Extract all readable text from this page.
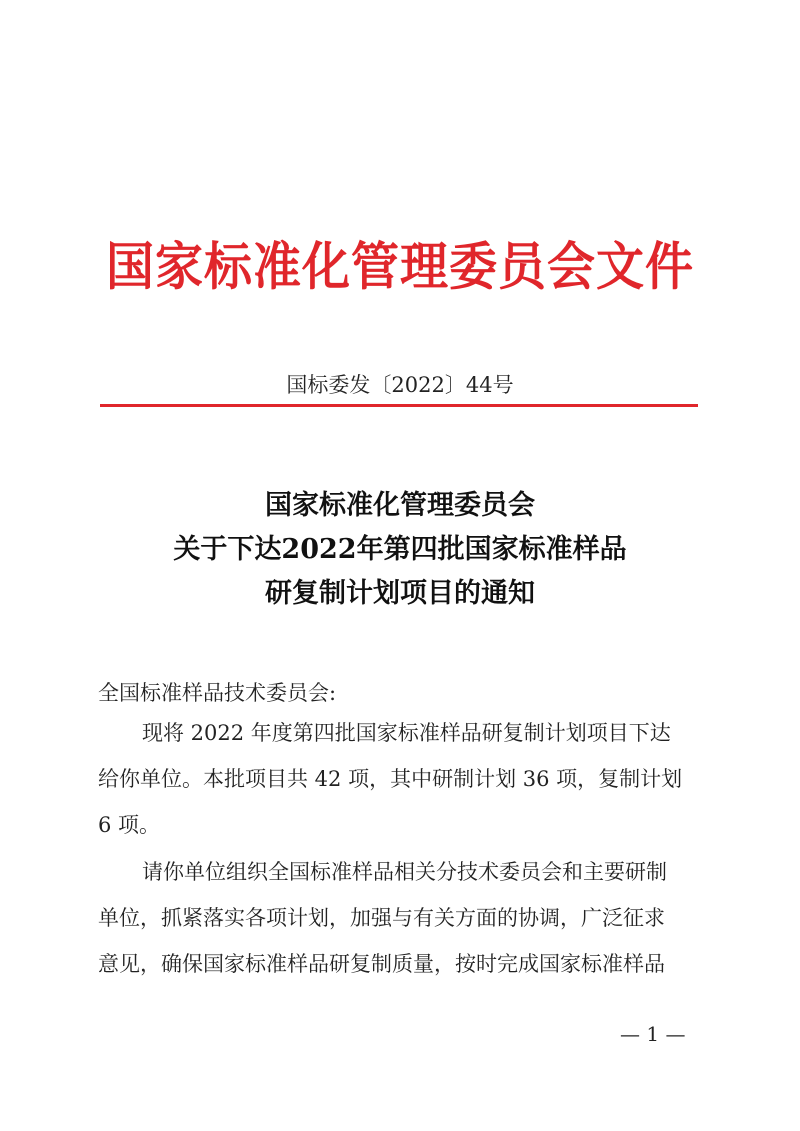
国家标准化管理委员会文件
国标委发〔2022〕44号
国家标准化管理委员会
关于下达2022年第四批国家标准样品
研复制计划项目的通知
全国标准样品技术委员会:
现将 2022 年度第四批国家标准样品研复制计划项目下达
给你单位。本批项目共 42 项，其中研制计划 36 项，复制计划
6 项。
请你单位组织全国标准样品相关分技术委员会和主要研制
单位，抓紧落实各项计划，加强与有关方面的协调，广泛征求
意见，确保国家标准样品研复制质量，按时完成国家标准样品
— 1 —
